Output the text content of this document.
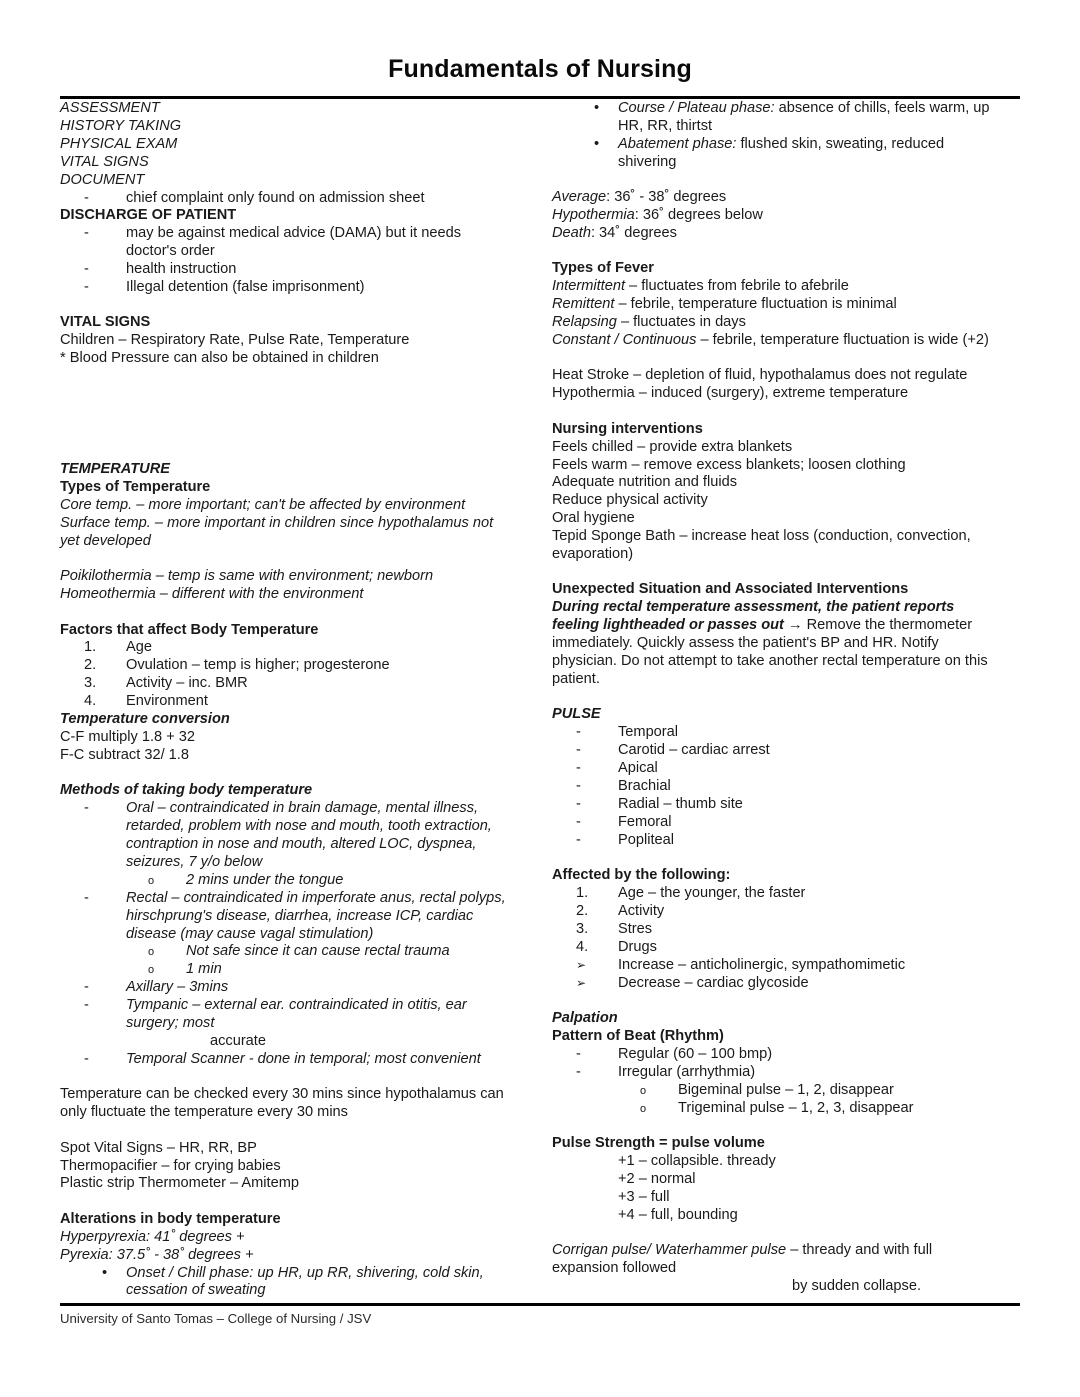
Fundamentals of Nursing
ASSESSMENT
HISTORY TAKING
PHYSICAL EXAM
VITAL SIGNS
DOCUMENT
-	chief complaint only found on admission sheet
DISCHARGE OF PATIENT
-	may be against medical advice (DAMA) but it needs doctor's order
-	health instruction
-	Illegal detention (false imprisonment)
VITAL SIGNS
Children – Respiratory Rate, Pulse Rate, Temperature
* Blood Pressure can also be obtained in children
TEMPERATURE
Types of Temperature
Core temp. – more important; can't be affected by environment
Surface temp. – more important in children since hypothalamus not yet developed
Poikilothermia – temp is same with environment; newborn
Homeothermia – different with the environment
Factors that affect Body Temperature
1. Age
2. Ovulation – temp is higher; progesterone
3. Activity – inc. BMR
4. Environment
Temperature conversion
C-F multiply 1.8 + 32
F-C subtract 32/ 1.8
Methods of taking body temperature
-	Oral – contraindicated in brain damage, mental illness, retarded, problem with nose and mouth, tooth extraction, contraption in nose and mouth, altered LOC, dyspnea, seizures, 7 y/o below
o 2 mins under the tongue
-	Rectal – contraindicated in imperforate anus, rectal polyps, hirschprung's disease, diarrhea, increase ICP, cardiac disease (may cause vagal stimulation)
o Not safe since it can cause rectal trauma
o 1 min
-	Axillary – 3mins
-	Tympanic – external ear. contraindicated in otitis, ear surgery; most
accurate
-	Temporal Scanner - done in temporal; most convenient
Temperature can be checked every 30 mins since hypothalamus can only fluctuate the temperature every 30 mins
Spot Vital Signs – HR, RR, BP
Thermopacifier – for crying babies
Plastic strip Thermometer – Amitemp
Alterations in body temperature
Hyperpyrexia: 41˚ degrees +
Pyrexia: 37.5˚ - 38˚ degrees +
• Onset / Chill phase: up HR, up RR, shivering, cold skin, cessation of sweating
• Course / Plateau phase: absence of chills, feels warm, up HR, RR, thirtst
• Abatement phase: flushed skin, sweating, reduced shivering
Average: 36˚ - 38˚ degrees
Hypothermia: 36˚ degrees below
Death: 34˚ degrees
Types of Fever
Intermittent – fluctuates from febrile to afebrile
Remittent – febrile, temperature fluctuation is minimal
Relapsing – fluctuates in days
Constant / Continuous – febrile, temperature fluctuation is wide (+2)
Heat Stroke – depletion of fluid, hypothalamus does not regulate
Hypothermia – induced (surgery), extreme temperature
Nursing interventions
Feels chilled – provide extra blankets
Feels warm – remove excess blankets; loosen clothing
Adequate nutrition and fluids
Reduce physical activity
Oral hygiene
Tepid Sponge Bath – increase heat loss (conduction, convection, evaporation)
Unexpected Situation and Associated Interventions
During rectal temperature assessment, the patient reports feeling lightheaded or passes out → Remove the thermometer immediately. Quickly assess the patient's BP and HR. Notify physician. Do not attempt to take another rectal temperature on this patient.
PULSE
-	Temporal
-	Carotid – cardiac arrest
-	Apical
-	Brachial
-	Radial – thumb site
-	Femoral
-	Popliteal
Affected by the following:
1. Age – the younger, the faster
2. Activity
3. Stres
4. Drugs
➢ Increase – anticholinergic, sympathomimetic
➢ Decrease – cardiac glycoside
Palpation
Pattern of Beat (Rhythm)
-	Regular (60 – 100 bmp)
-	Irregular (arrhythmia)
o Bigeminal pulse – 1, 2, disappear
o Trigeminal pulse – 1, 2, 3, disappear
Pulse Strength = pulse volume
+1 – collapsible. thready
+2 – normal
+3 – full
+4 – full, bounding
Corrigan pulse/ Waterhammer pulse – thready and with full expansion followed
by sudden collapse.
University of Santo Tomas – College of Nursing / JSV
